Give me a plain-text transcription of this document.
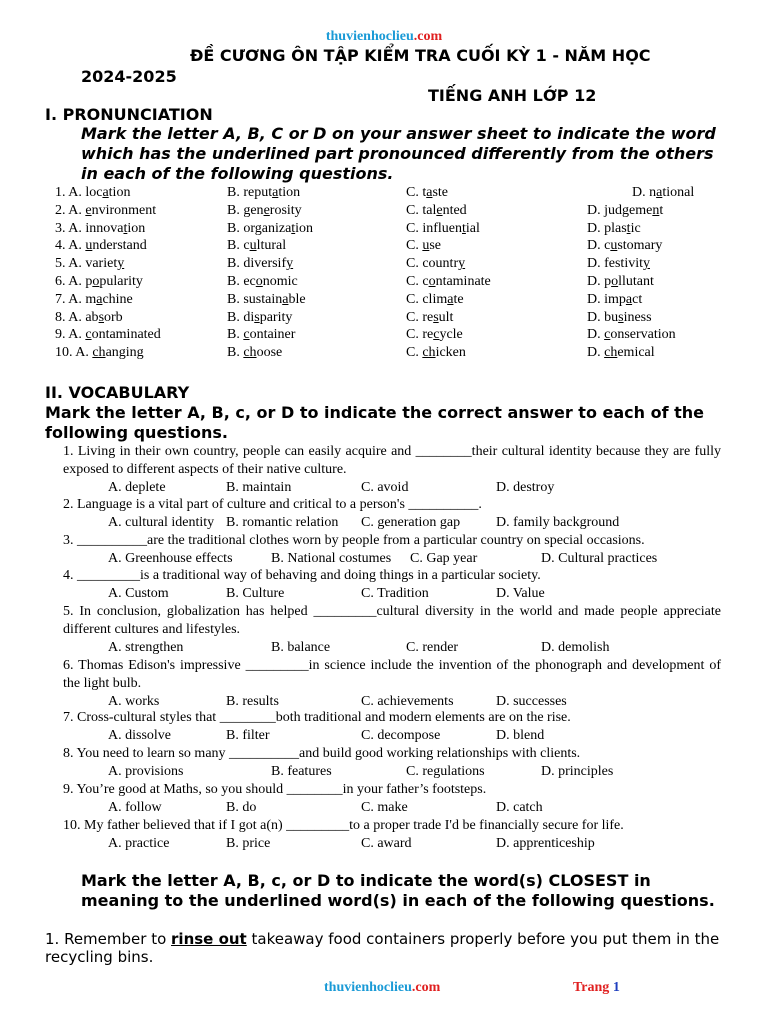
thuvienhoclieu.com
ĐỀ CƯƠNG ÔN TẬP KIỂM TRA CUỐI KỲ 1 - NĂM HỌC
2024-2025
TIẾNG ANH LỚP 12
I. PRONUNCIATION
Mark the letter A, B, C or D on your answer sheet to indicate the word which has the underlined part pronounced differently from the others in each of the following questions.
1. A. location	B. reputation	C. taste	D. national
2. A. environment	B. generosity	C. talented	D. judgement
3. A. innovation	B. organization	C. influential	D. plastic
4. A. understand	B. cultural	C. use	D. customary
5. A. variety	B. diversify	C. country	D. festivity
6. A. popularity	B. economic	C. contaminate	D. pollutant
7. A. machine	B. sustainable	C. climate	D. impact
8. A. absorb	B. disparity	C. result	D. business
9. A. contaminated	B. container	C. recycle	D. conservation
10. A. changing	B. choose	C. chicken	D. chemical
II. VOCABULARY
Mark the letter A, B, c, or D to indicate the correct answer to each of the following questions.
1. Living in their own country, people can easily acquire and ________their cultural identity because they are fully exposed to different aspects of their native culture.
A. deplete	B. maintain	C. avoid	D. destroy
2. Language is a vital part of culture and critical to a person's __________.
A. cultural identity B. romantic relation C. generation gap	D. family background
3. __________are the traditional clothes worn by people from a particular country on special occasions.
A. Greenhouse effects	B. National costumes C. Gap year	D. Cultural practices
4. _________is a traditional way of behaving and doing things in a particular society.
A. Custom	B. Culture	C. Tradition	D. Value
5. In conclusion, globalization has helped _________cultural diversity in the world and made people appreciate different cultures and lifestyles.
A. strengthen	B. balance	C. render	D. demolish
6. Thomas Edison's impressive _________in science include the invention of the phonograph and development of the light bulb.
A. works	B. results	C. achievements	D. successes
7. Cross-cultural styles that ________both traditional and modern elements are on the rise.
A. dissolve	B. filter	C. decompose	D. blend
8. You need to learn so many __________and build good working relationships with clients.
A. provisions	B. features	C. regulations	D. principles
9. You’re good at Maths, so you should ________in your father’s footsteps.
A. follow	B. do	C. make	D. catch
10. My father believed that if I got a(n) _________to a proper trade I'd be financially secure for life.
A. practice	B. price	C. award	D. apprenticeship
Mark the letter A, B, c, or D to indicate the word(s) CLOSEST in meaning to the underlined word(s) in each of the following questions.
1. Remember to rinse out takeaway food containers properly before you put them in the recycling bins.
thuvienhoclieu.com	Trang 1
